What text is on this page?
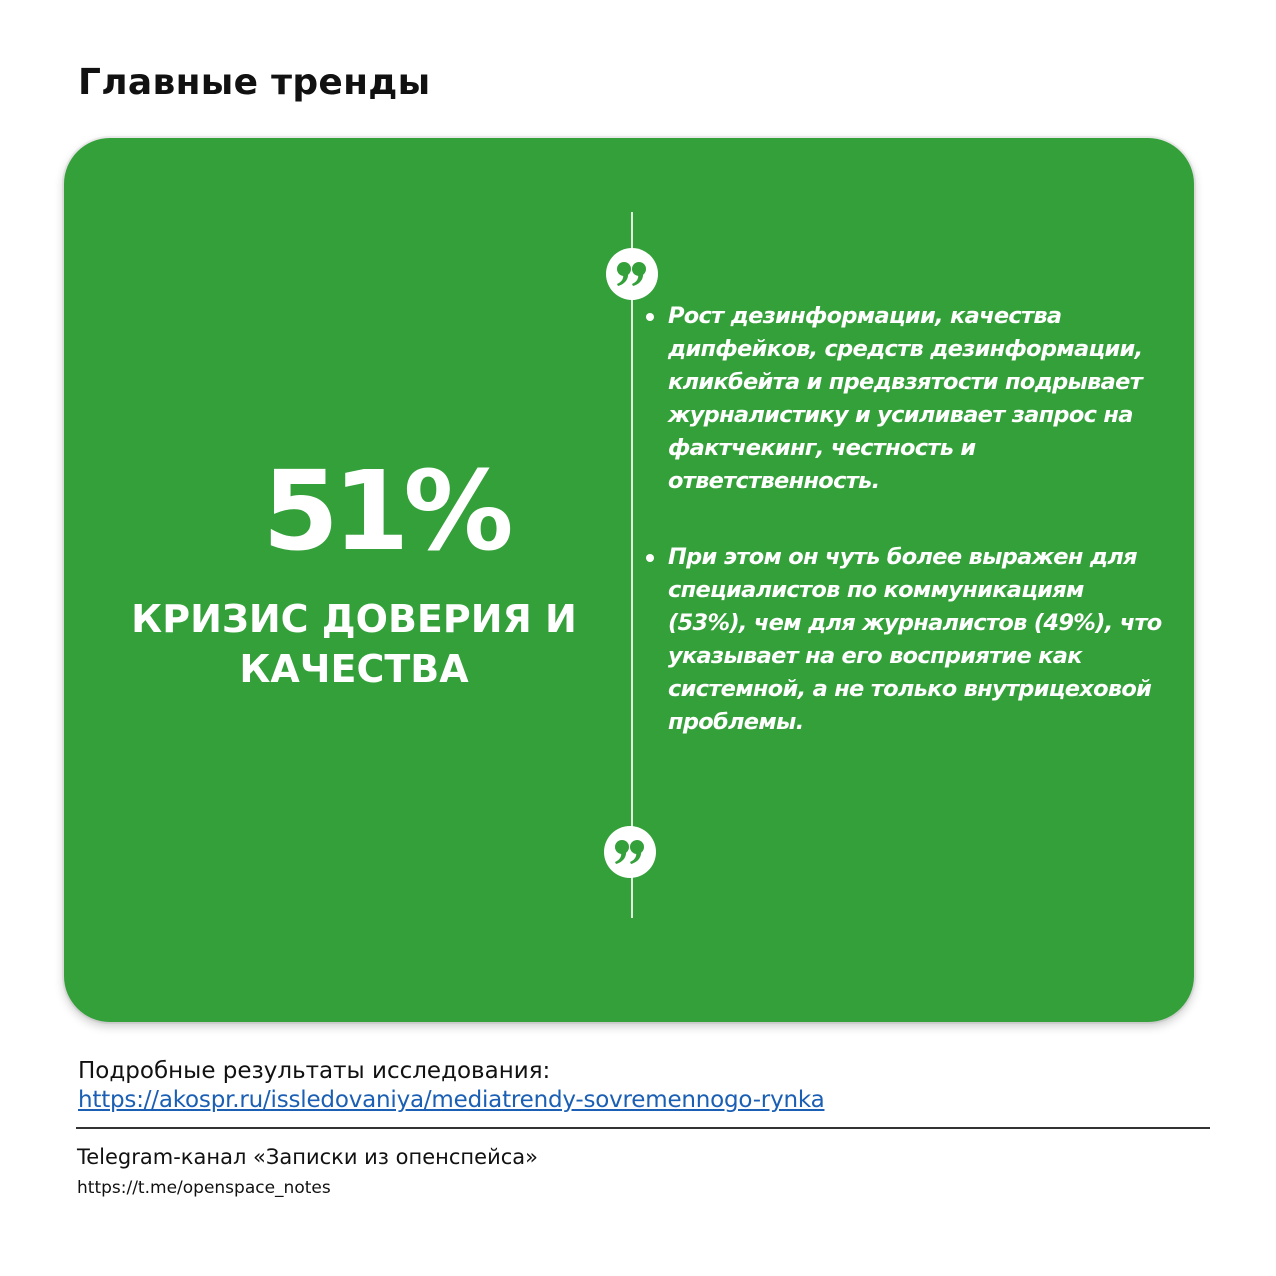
Главные тренды
51%
КРИЗИС ДОВЕРИЯ И КАЧЕСТВА
Рост дезинформации, качества дипфейков, средств дезинформации, кликбейта и предвзятости подрывает журналистику и усиливает запрос на фактчекинг, честность и ответственность.
При этом он чуть более выражен для специалистов по коммуникациям (53%), чем для журналистов (49%), что указывает на его восприятие как системной, а не только внутрицеховой проблемы.
Подробные результаты исследования:
https://akospr.ru/issledovaniya/mediatrendy-sovremennogo-rynka
Telegram-канал «Записки из опенспейса»
https://t.me/openspace_notes
